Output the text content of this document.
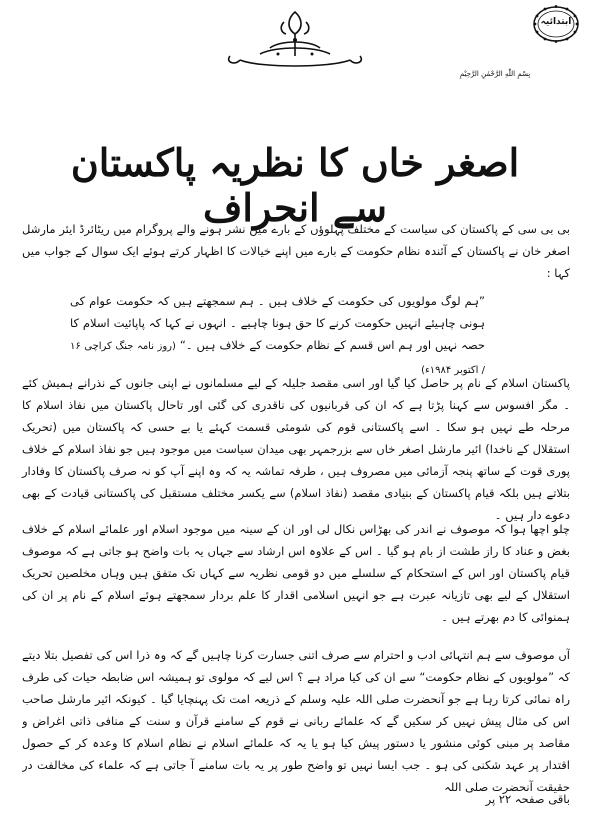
ابتدائیہ
بِسْمِ اللّٰهِ الرَّحْمٰنِ الرَّحِيْمِ
اصغر خاں کا نظریہ پاکستان سے انحراف
بی بی سی کے پاکستان کی سیاست کے مختلف پہلوؤں کے بارے میں نشر ہونے والے پروگرام میں ریٹائرڈ ایئر مارشل اصغر خان نے پاکستان کے آئندہ نظام حکومت کے بارے میں اپنے خیالات کا اظہار کرتے ہوئے ایک سوال کے جواب میں کہا :
”ہم لوگ مولویوں کی حکومت کے خلاف ہیں ۔ ہم سمجھتے ہیں کہ حکومت عوام کی ہونی چاہیئے انہیں حکومت کرنے کا حق ہونا چاہیے ۔ انہوں نے کہا کہ پاپائیت اسلام کا حصہ نہیں اور ہم اس قسم کے نظام حکومت کے خلاف ہیں ۔“ (روز نامہ جنگ کراچی ۱۶ / اکتوبر ۱۹۸۴ء)
پاکستان اسلام کے نام پر حاصل کیا گیا اور اسی مقصد جلیلہ کے لیے مسلمانوں نے اپنی جانوں کے نذرانے ہمیش کئے ۔ مگر افسوس سے کہنا پڑتا ہے کہ ان کی قربانیوں کی ناقدری کی گئی اور تاحال پاکستان میں نفاذ اسلام کا مرحلہ طے نہیں ہو سکا ۔ اسے پاکستانی قوم کی شومئی قسمت کہئے یا بے حسی کہ پاکستان میں (تحریک استقلال کے ناخدا) ائیر مارشل اصغر خاں سے بزرجمہر بھی میدان سیاست میں موجود ہیں جو نفاذ اسلام کے خلاف پوری قوت کے ساتھ پنجہ آزمائی میں مصروف ہیں ، طرفہ تماشہ یہ کہ وہ اپنے آپ کو نہ صرف پاکستان کا وفادار بتلاتے ہیں بلکہ قیام پاکستان کے بنیادی مقصد (نفاذ اسلام) سے یکسر مختلف مستقبل کی پاکستانی قیادت کے بھی دعوے دار ہیں ۔
چلو اچھا ہوا کہ موصوف نے اندر کی بھڑاس نکال لی اور ان کے سینہ میں موجود اسلام اور علمائے اسلام کے خلاف بغض و عناد کا راز طشت از بام ہو گیا ۔ اس کے علاوہ اس ارشاد سے جہاں یہ بات واضح ہو جاتی ہے کہ موصوف قیام پاکستان اور اس کے استحکام کے سلسلے میں دو قومی نظریہ سے کہاں تک متفق ہیں وہاں مخلصین تحریک استقلال کے لیے بھی تازیانہ عبرت ہے جو انہیں اسلامی اقدار کا علم بردار سمجھتے ہوئے اسلام کے نام پر ان کی ہمنوائی کا دم بھرتے ہیں ۔
آں موصوف سے ہم انتہائی ادب و احترام سے صرف اتنی جسارت کرنا چاہیں گے کہ وہ ذرا اس کی تفصیل بتلا دیتے کہ ”مولویوں کے نظام حکومت“ سے ان کی کیا مراد ہے ؟ اس لیے کہ مولوی تو ہمیشہ اس ضابطہ حیات کی طرف راہ نمائی کرتا رہا ہے جو آنحضرت صلی اللہ علیہ وسلم کے ذریعہ امت تک پہنچایا گیا ۔ کیونکہ ائیر مارشل صاحب اس کی مثال پیش نہیں کر سکیں گے کہ علمائے ربانی نے قوم کے سامنے قرآن و سنت کے منافی ذاتی اغراض و مقاصد پر مبنی کوئی منشور یا دستور پیش کیا ہو یا یہ کہ علمائے اسلام نے نظام اسلام کا وعدہ کر کے حصول اقتدار پر عہد شکنی کی ہو ۔ جب ایسا نہیں تو واضح طور پر یہ بات سامنے آ جاتی ہے کہ علماء کی مخالفت در حقیقت آنحضرت صلی اللہ
باقی صفحہ ۲۲ پر
